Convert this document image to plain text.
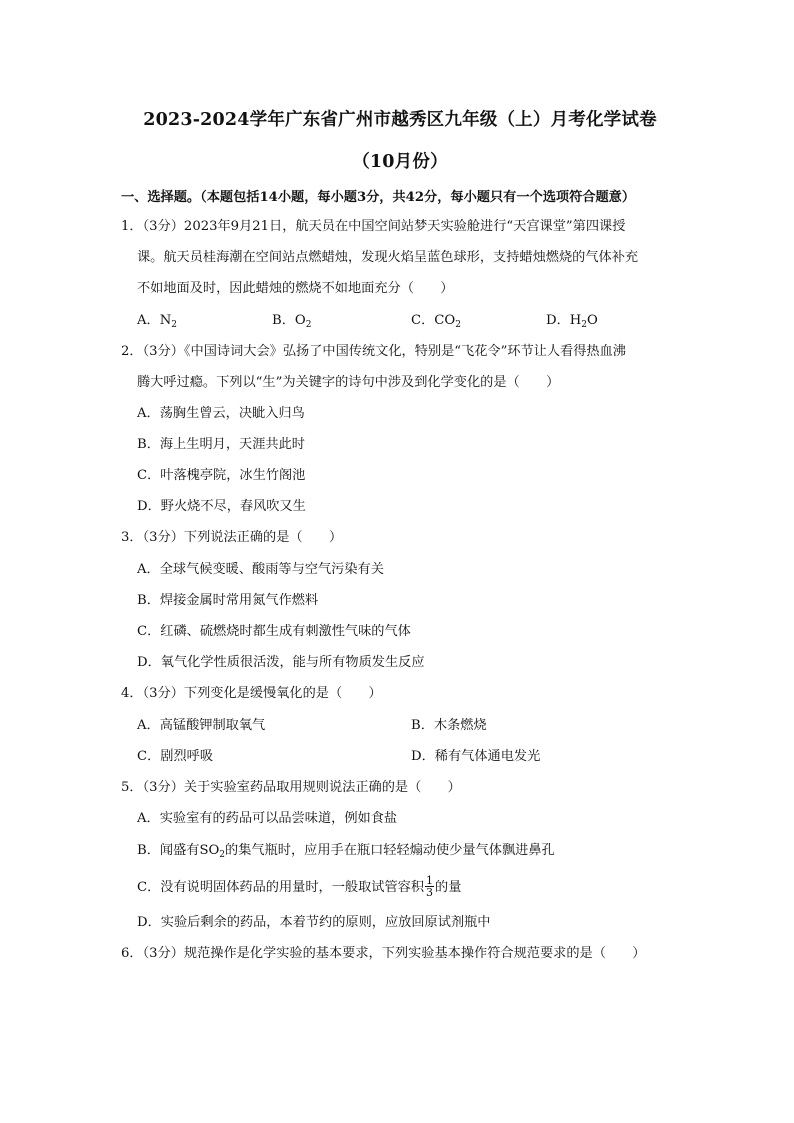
2023-2024学年广东省广州市越秀区九年级（上）月考化学试卷
（10月份）
一、选择题。（本题包括14小题，每小题3分，共42分，每小题只有一个选项符合题意）
1．（3分）2023年9月21日，航天员在中国空间站梦天实验舱进行“天宫课堂”第四课授
课。航天员桂海潮在空间站点燃蜡烛，发现火焰呈蓝色球形，支持蜡烛燃烧的气体补充
不如地面及时，因此蜡烛的燃烧不如地面充分（　　）
A．$N_2$	B．$O_2$	C．$CO_2$	D．$H_2O$
2．（3分）《中国诗词大会》弘扬了中国传统文化，特别是“飞花令”环节让人看得热血沸
腾大呼过瘾。下列以“生”为关键字的诗句中涉及到化学变化的是（　　）
A．荡胸生曾云，决眦入归鸟
B．海上生明月，天涯共此时
C．叶落槐亭院，冰生竹阁池
D．野火烧不尽，春风吹又生
3．（3分）下列说法正确的是（　　）
A．全球气候变暖、酸雨等与空气污染有关
B．焊接金属时常用氮气作燃料
C．红磷、硫燃烧时都生成有刺激性气味的气体
D．氧气化学性质很活泼，能与所有物质发生反应
4．（3分）下列变化是缓慢氧化的是（　　）
A．高锰酸钾制取氧气	B．木条燃烧
C．剧烈呼吸	D．稀有气体通电发光
5．（3分）关于实验室药品取用规则说法正确的是（　　）
A．实验室有的药品可以品尝味道，例如食盐
B．闻盛有$SO_2$的集气瓶时，应用手在瓶口轻轻煽动使少量气体飘进鼻孔
C．没有说明固体药品的用量时，一般取试管容积 $\frac{1}{3}$ 的量
D．实验后剩余的药品，本着节约的原则，应放回原试剂瓶中
6．（3分）规范操作是化学实验的基本要求，下列实验基本操作符合规范要求的是（　　）
